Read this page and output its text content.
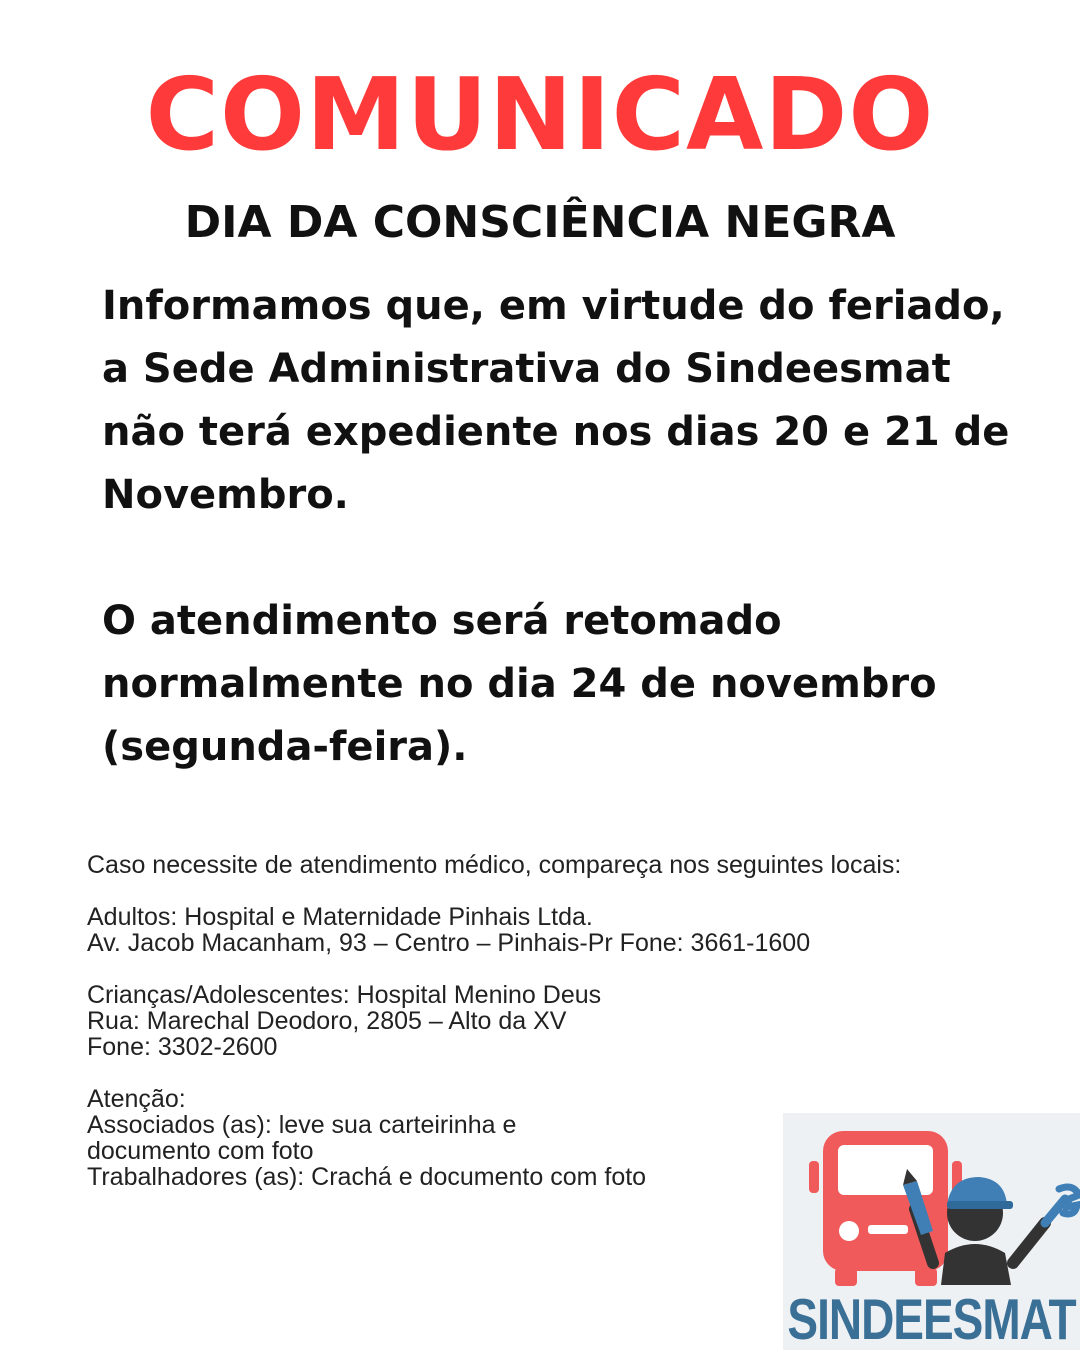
COMUNICADO
DIA DA CONSCIÊNCIA NEGRA
Informamos que, em virtude do feriado,
a Sede Administrativa do Sindeesmat
não terá expediente nos dias 20 e 21 de
Novembro.
O atendimento será retomado
normalmente no dia 24 de novembro
(segunda-feira).
Caso necessite de atendimento médico, compareça nos seguintes locais:
Adultos: Hospital e Maternidade Pinhais Ltda.
Av. Jacob Macanham, 93 – Centro – Pinhais-Pr Fone: 3661-1600
Crianças/Adolescentes: Hospital Menino Deus
Rua: Marechal Deodoro, 2805 – Alto da XV
Fone: 3302-2600
Atenção:
Associados (as): leve sua carteirinha e
documento com foto
Trabalhadores (as): Crachá e documento com foto
SINDEESMAT
